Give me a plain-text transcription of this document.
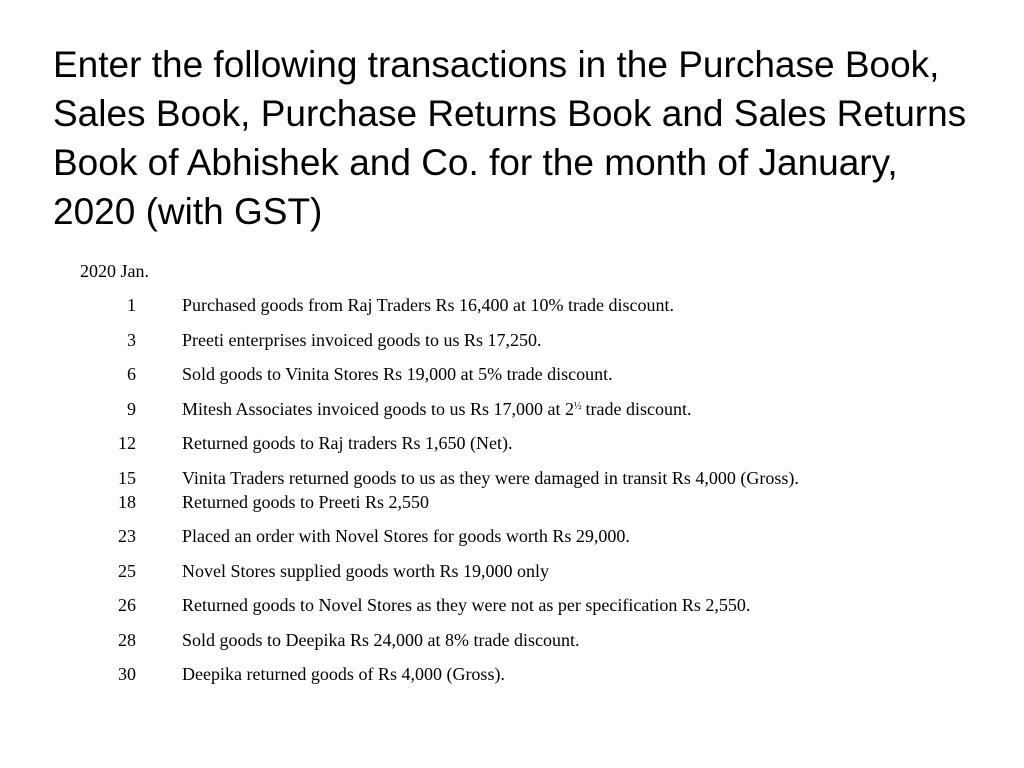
Enter the following transactions in the Purchase Book, Sales Book, Purchase Returns Book and Sales Returns Book of Abhishek and Co. for the month of January, 2020 (with GST)
2020 Jan.
1	Purchased goods from Raj Traders Rs 16,400 at 10% trade discount.
3	Preeti enterprises invoiced goods to us Rs 17,250.
6	Sold goods to Vinita Stores Rs 19,000 at 5% trade discount.
9	Mitesh Associates invoiced goods to us Rs 17,000 at $2^{\frac{1}{2}}$ trade discount.
12	Returned goods to Raj traders Rs 1,650 (Net).
15	Vinita Traders returned goods to us as they were damaged in transit Rs 4,000 (Gross).
18	Returned goods to Preeti Rs 2,550
23	Placed an order with Novel Stores for goods worth Rs 29,000.
25	Novel Stores supplied goods worth Rs 19,000 only
26	Returned goods to Novel Stores as they were not as per specification Rs 2,550.
28	Sold goods to Deepika Rs 24,000 at 8% trade discount.
30	Deepika returned goods of Rs 4,000 (Gross).
